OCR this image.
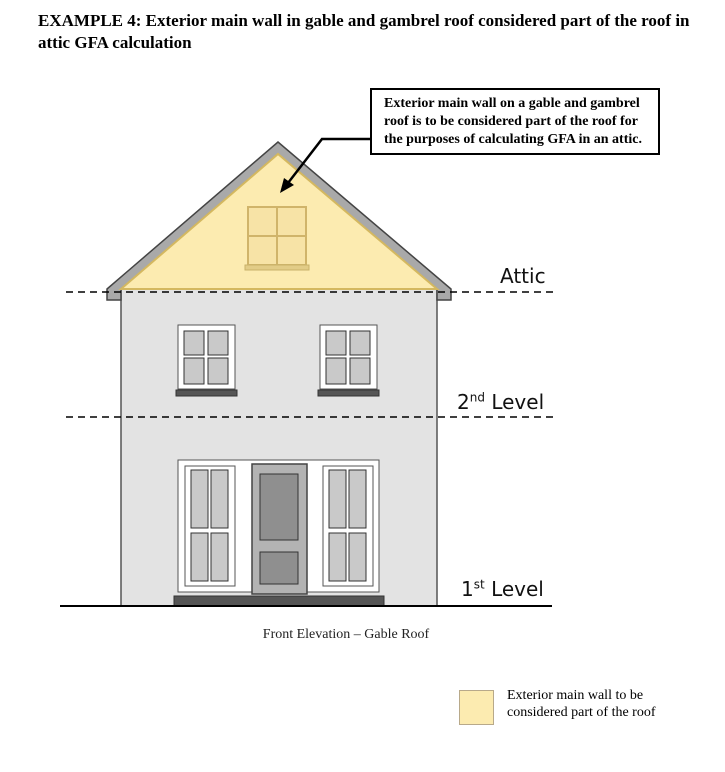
EXAMPLE 4: Exterior main wall in gable and gambrel roof considered part of the roof in attic GFA calculation
Exterior main wall on a gable and gambrel roof is to be considered part of the roof for the purposes of calculating GFA in an attic.
Attic
2nd Level
1st Level
Front Elevation – Gable Roof
Exterior main wall to be considered part of the roof
